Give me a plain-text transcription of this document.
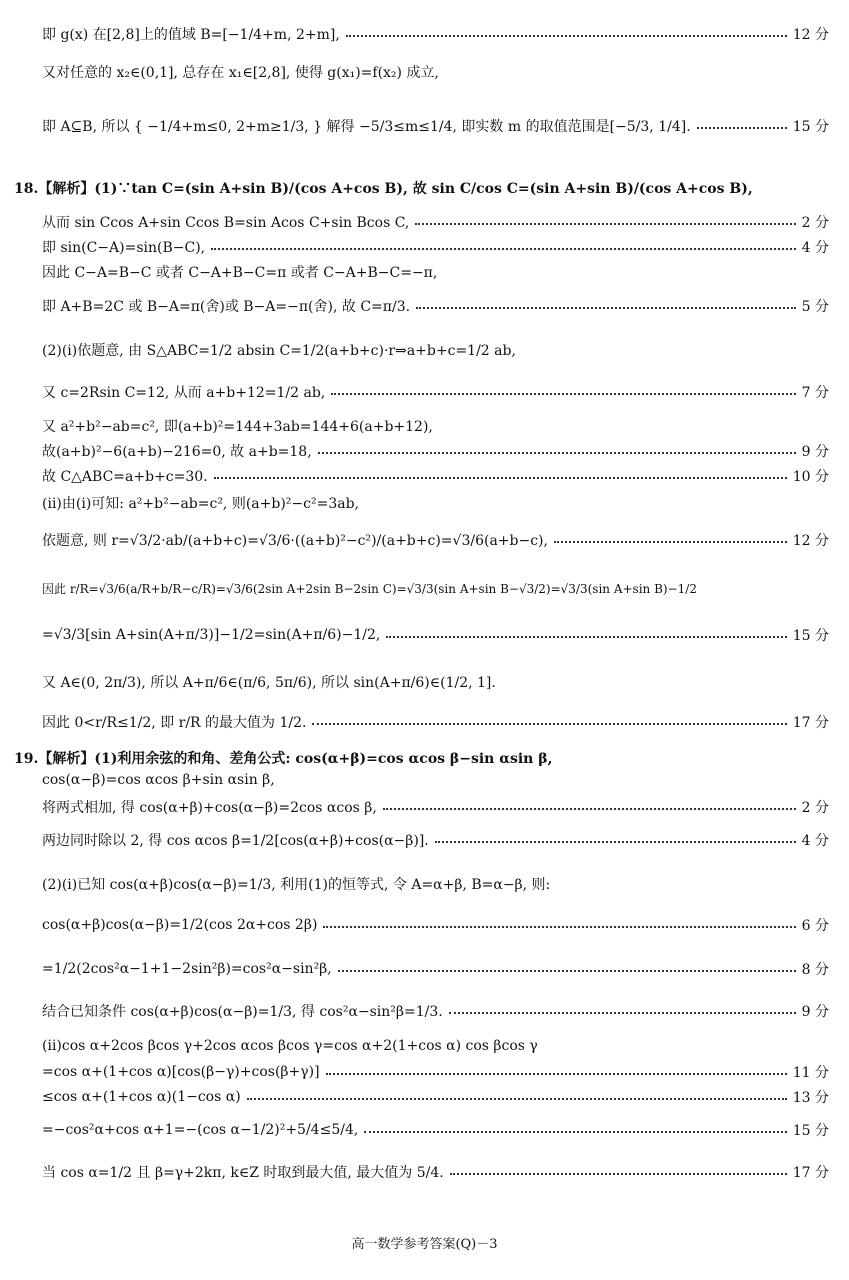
即 g(x) 在[2,8]上的值域 B=[−1/4+m, 2+m],	12 分
又对任意的 x₂∈(0,1], 总存在 x₁∈[2,8], 使得 g(x₁)=f(x₂) 成立,
即 A⊆B, 所以 { −1/4+m≤0, 2+m≥1/3, } 解得 −5/3≤m≤1/4, 即实数 m 的取值范围是[−5/3, 1/4].	15 分
18.【解析】(1)∵tan C=(sin A+sin B)/(cos A+cos B), 故 sin C/cos C=(sin A+sin B)/(cos A+cos B),
从而 sin Ccos A+sin Ccos B=sin Acos C+sin Bcos C,	2 分
即 sin(C−A)=sin(B−C),	4 分
因此 C−A=B−C 或者 C−A+B−C=π 或者 C−A+B−C=−π,
即 A+B=2C 或 B−A=π(舍)或 B−A=−π(舍), 故 C=π/3.	5 分
(2)(ⅰ)依题意, 由 S△ABC=1/2 absin C=1/2(a+b+c)·r⇒a+b+c=1/2 ab,
又 c=2Rsin C=12, 从而 a+b+12=1/2 ab,	7 分
又 a²+b²−ab=c², 即(a+b)²=144+3ab=144+6(a+b+12),
故(a+b)²−6(a+b)−216=0, 故 a+b=18,	9 分
故 C△ABC=a+b+c=30.	10 分
(ⅱ)由(ⅰ)可知: a²+b²−ab=c², 则(a+b)²−c²=3ab,
依题意, 则 r=√3/2·ab/(a+b+c)=√3/6·((a+b)²−c²)/(a+b+c)=√3/6(a+b−c),	12 分
因此 r/R=√3/6(a/R+b/R−c/R)=√3/6(2sin A+2sin B−2sin C)=√3/3(sin A+sin B−√3/2)=√3/3(sin A+sin B)−1/2
=√3/3[sin A+sin(A+π/3)]−1/2=sin(A+π/6)−1/2,	15 分
又 A∈(0, 2π/3), 所以 A+π/6∈(π/6, 5π/6), 所以 sin(A+π/6)∈(1/2, 1].
因此 0<r/R≤1/2, 即 r/R 的最大值为 1/2.	17 分
19.【解析】(1)利用余弦的和角、差角公式: cos(α+β)=cos αcos β−sin αsin β,
cos(α−β)=cos αcos β+sin αsin β,
将两式相加, 得 cos(α+β)+cos(α−β)=2cos αcos β,	2 分
两边同时除以 2, 得 cos αcos β=1/2[cos(α+β)+cos(α−β)].	4 分
(2)(ⅰ)已知 cos(α+β)cos(α−β)=1/3, 利用(1)的恒等式, 令 A=α+β, B=α−β, 则:
cos(α+β)cos(α−β)=1/2(cos 2α+cos 2β)	6 分
=1/2(2cos²α−1+1−2sin²β)=cos²α−sin²β,	8 分
结合已知条件 cos(α+β)cos(α−β)=1/3, 得 cos²α−sin²β=1/3.	9 分
(ⅱ)cos α+2cos βcos γ+2cos αcos βcos γ=cos α+2(1+cos α) cos βcos γ
=cos α+(1+cos α)[cos(β−γ)+cos(β+γ)]	11 分
≤cos α+(1+cos α)(1−cos α)	13 分
=−cos²α+cos α+1=−(cos α−1/2)²+5/4≤5/4,	15 分
当 cos α=1/2 且 β=γ+2kπ, k∈Z 时取到最大值, 最大值为 5/4.	17 分
高一数学参考答案(Q)－3
